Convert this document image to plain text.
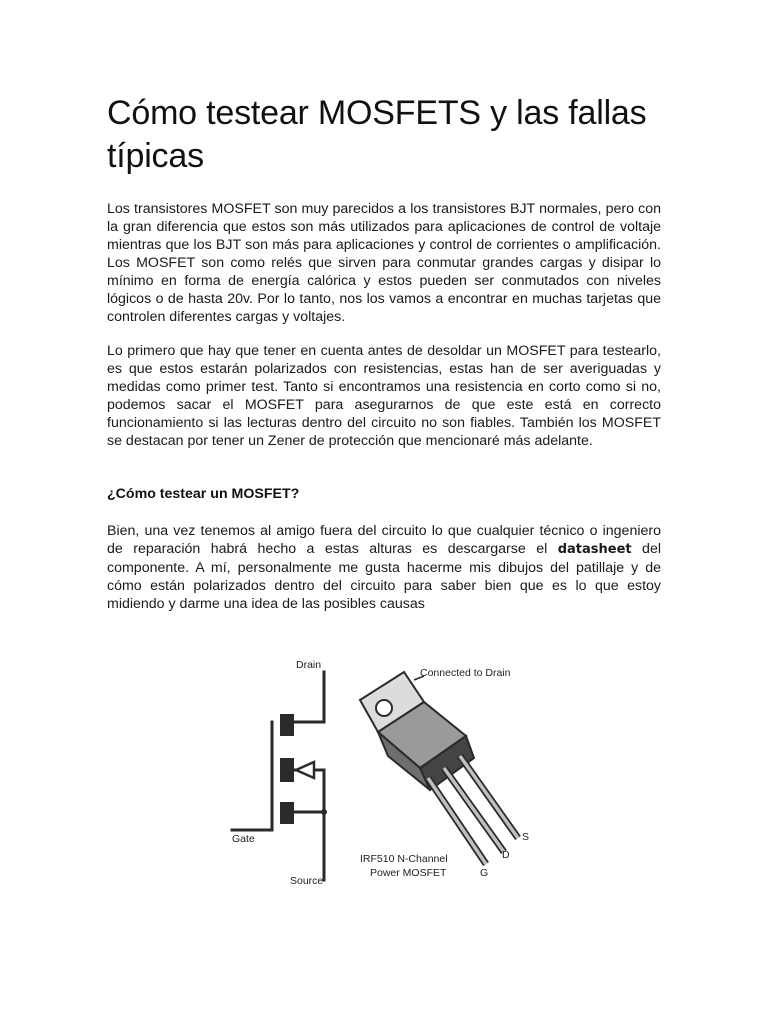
Cómo testear MOSFETS y las fallas típicas

Los transistores MOSFET son muy parecidos a los transistores BJT normales, pero con la gran diferencia que estos son más utilizados para aplicaciones de control de voltaje mientras que los BJT son más para aplicaciones y control de corrientes o amplificación. Los MOSFET son como relés que sirven para conmutar grandes cargas y disipar lo mínimo en forma de energía calórica y estos pueden ser conmutados con niveles lógicos o de hasta 20v. Por lo tanto, nos los vamos a encontrar en muchas tarjetas que controlen diferentes cargas y voltajes.

Lo primero que hay que tener en cuenta antes de desoldar un MOSFET para testearlo, es que estos estarán polarizados con resistencias, estas han de ser averiguadas y medidas como primer test. Tanto si encontramos una resistencia en corto como si no, podemos sacar el MOSFET para asegurarnos de que este está en correcto funcionamiento si las lecturas dentro del circuito no son fiables. También los MOSFET se destacan por tener un Zener de protección que mencionaré más adelante.

¿Cómo testear un MOSFET?

Bien, una vez tenemos al amigo fuera del circuito lo que cualquier técnico o ingeniero de reparación habrá hecho a estas alturas es descargarse el datasheet del componente. A mí, personalmente me gusta hacerme mis dibujos del patillaje y de cómo están polarizados dentro del circuito para saber bien que es lo que estoy midiendo y darme una idea de las posibles causas

Drain
Gate
Source
Connected to Drain
IRF510 N-Channel
Power MOSFET	G
D
S
